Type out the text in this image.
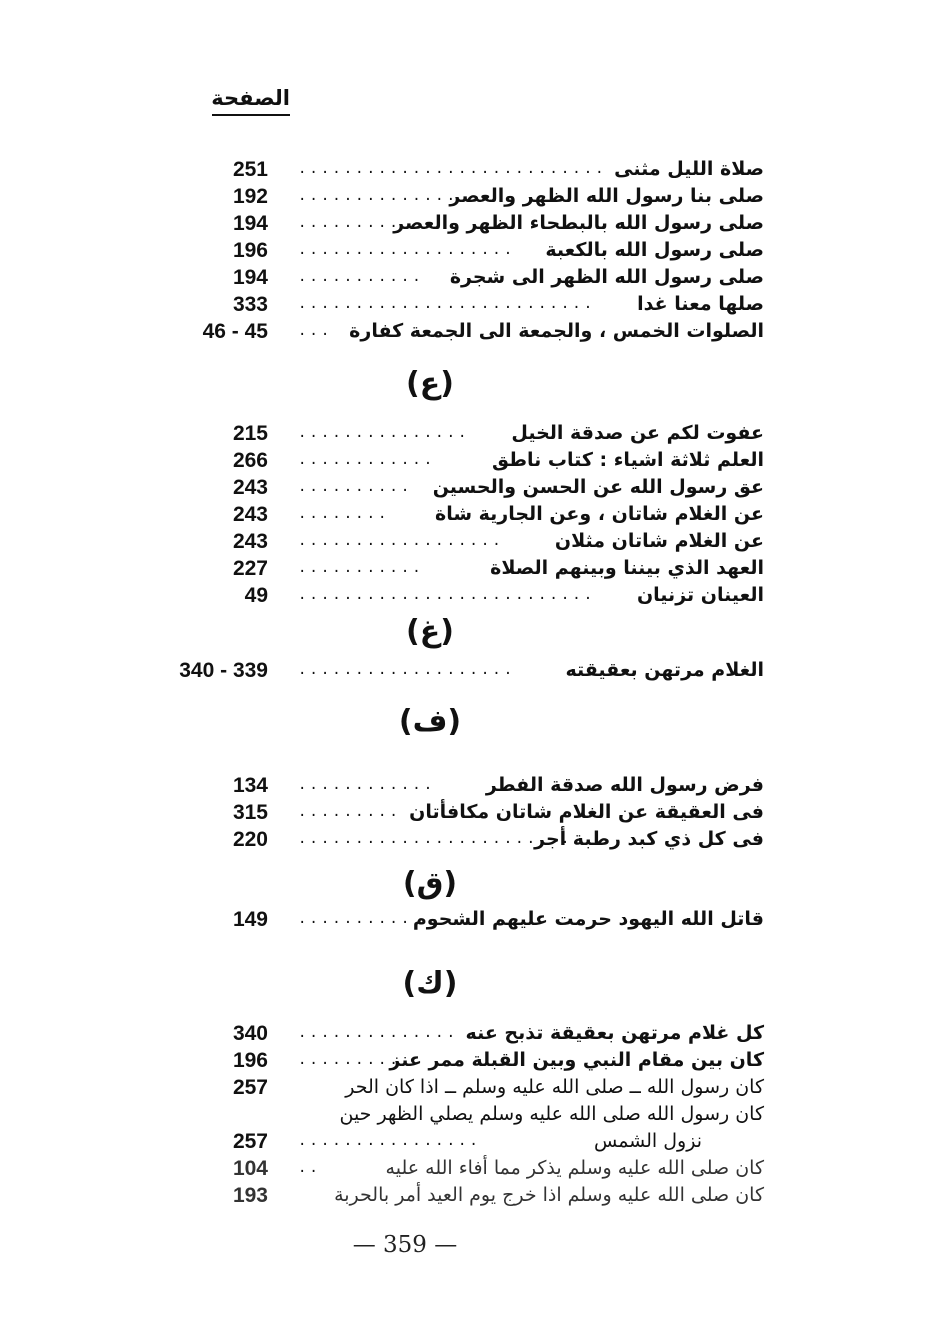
الصفحة
صلاة الليل مثنى
...........................
251
صلى بنا رسول الله الظهر والعصر
..............
192
صلى رسول الله بالبطحاء الظهر والعصر
.........
194
صلى رسول الله بالكعبة
...................
196
صلى رسول الله الظهر الى شجرة
...........
194
صلها معنا غدا
..........................
333
الصلوات الخمس ، والجمعة الى الجمعة كفارة
...
46 - 45
(ع)
عفوت لكم عن صدقة الخيل
...............
215
العلم ثلاثة اشياء : كتاب ناطق
............
266
عق رسول الله عن الحسن والحسين
..........
243
عن الغلام شاتان ، وعن الجارية شاة
........
243
عن الغلام شاتان مثلان
..................
243
العهد الذي بيننا وبينهم الصلاة
...........
227
العينان تزنيان
..........................
49
(غ)
الغلام مرتهن بعقيقته
...................
340 - 339
(ف)
فرض رسول الله صدقة الفطر
............
134
فى العقيقة عن الغلام شاتان مكافأتان
.........
315
فى كل ذي كبد رطبة أجر
........................
220
(ق)
قاتل الله اليهود حرمت عليهم الشحوم
..........
149
(ك)
كل غلام مرتهن بعقيقة تذبح عنه
..............
340
كان بين مقام النبي وبين القبلة ممر عنز
.........
196
كان رسول الله ــ صلى الله عليه وسلم ــ اذا كان الحر
257
كان رسول الله صلى الله عليه وسلم يصلي الظهر حين
نزول الشمس
................
257
كان صلى الله عليه وسلم يذكر مما أفاء الله عليه
..
104
كان صلى الله عليه وسلم اذا خرج يوم العيد أمر بالحربة
193
— 359 —
